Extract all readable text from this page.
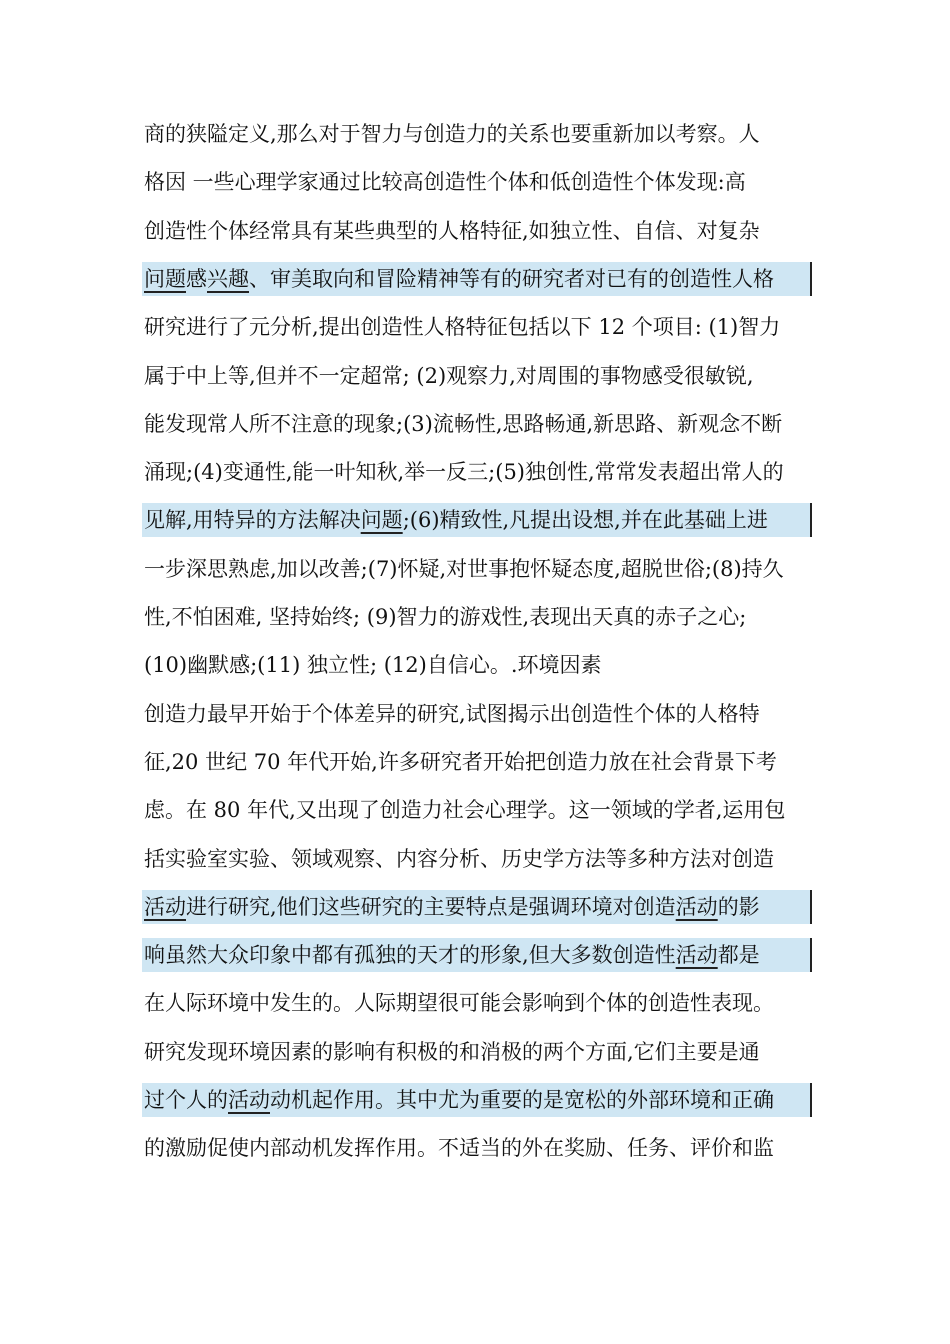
商的狭隘定义,那么对于智力与创造力的关系也要重新加以考察。人
格因 一些心理学家通过比较高创造性个体和低创造性个体发现:高
创造性个体经常具有某些典型的人格特征,如独立性、自信、对复杂
问题感兴趣、审美取向和冒险精神等有的研究者对已有的创造性人格
研究进行了元分析,提出创造性人格特征包括以下 12 个项目: (1)智力
属于中上等,但并不一定超常; (2)观察力,对周围的事物感受很敏锐,
能发现常人所不注意的现象;(3)流畅性,思路畅通,新思路、新观念不断
涌现;(4)变通性,能一叶知秋,举一反三;(5)独创性,常常发表超出常人的
见解,用特异的方法解决问题;(6)精致性,凡提出设想,并在此基础上进
一步深思熟虑,加以改善;(7)怀疑,对世事抱怀疑态度,超脱世俗;(8)持久
性,不怕困难, 坚持始终; (9)智力的游戏性,表现出天真的赤子之心;
(10)幽默感;(11) 独立性; (12)自信心。.环境因素
创造力最早开始于个体差异的研究,试图揭示出创造性个体的人格特
征,20 世纪 70 年代开始,许多研究者开始把创造力放在社会背景下考
虑。在 80 年代,又出现了创造力社会心理学。这一领域的学者,运用包
括实验室实验、领域观察、内容分析、历史学方法等多种方法对创造
活动进行研究,他们这些研究的主要特点是强调环境对创造活动的影
响虽然大众印象中都有孤独的天才的形象,但大多数创造性活动都是
在人际环境中发生的。人际期望很可能会影响到个体的创造性表现。
研究发现环境因素的影响有积极的和消极的两个方面,它们主要是通
过个人的活动动机起作用。其中尤为重要的是宽松的外部环境和正确
的激励促使内部动机发挥作用。不适当的外在奖励、任务、评价和监
